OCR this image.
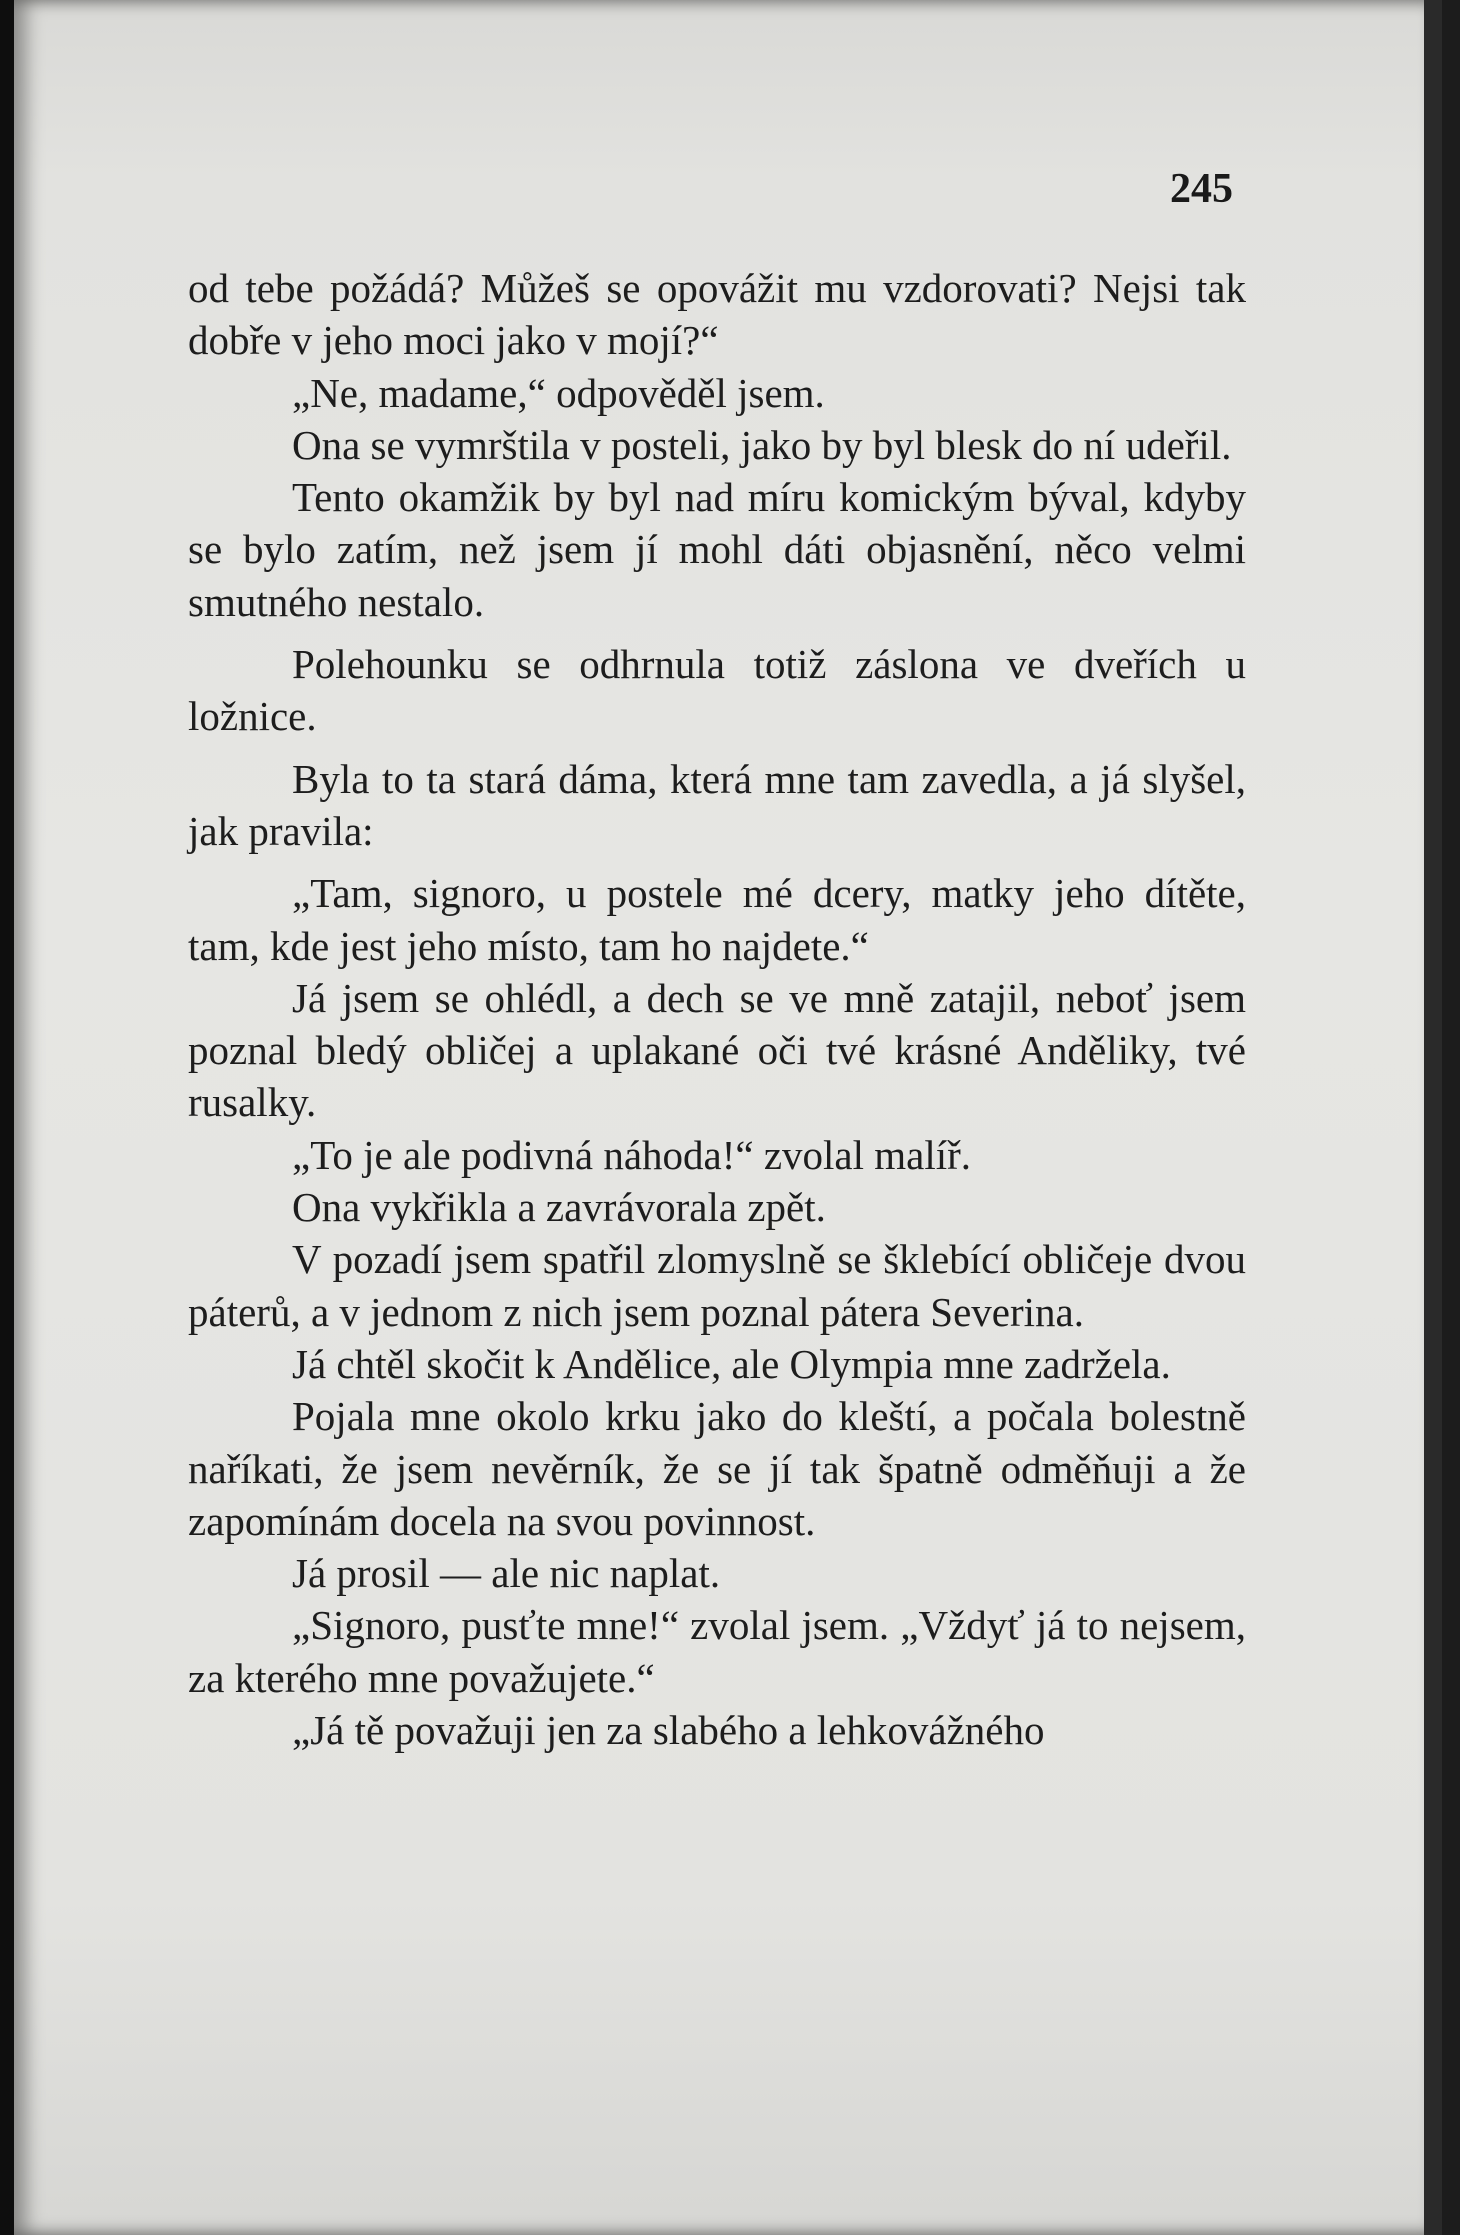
245

od tebe požádá? Můžeš se opovážit mu vzdorovati? Nejsi tak dobře v jeho moci jako v mojí?“

„Ne, madame,“ odpověděl jsem.

Ona se vymrštila v posteli, jako by byl blesk do ní udeřil.

Tento okamžik by byl nad míru komickým býval, kdyby se bylo zatím, než jsem jí mohl dáti objasnění, něco velmi smutného nestalo.

Polehounku se odhrnula totiž záslona ve dveřích u ložnice.

Byla to ta stará dáma, která mne tam zavedla, a já slyšel, jak pravila:

„Tam, signoro, u postele mé dcery, matky jeho dítěte, tam, kde jest jeho místo, tam ho najdete.“

Já jsem se ohlédl, a dech se ve mně zatajil, neboť jsem poznal bledý obličej a uplakané oči tvé krásné Anděliky, tvé rusalky.

„To je ale podivná náhoda!“ zvolal malíř.

Ona vykřikla a zavrávorala zpět.

V pozadí jsem spatřil zlomyslně se šklebící obličeje dvou páterů, a v jednom z nich jsem poznal pátera Severina.

Já chtěl skočit k Andělice, ale Olympia mne zadržela.

Pojala mne okolo krku jako do kleští, a počala bolestně naříkati, že jsem nevěrník, že se jí tak špatně odměňuji a že zapomínám docela na svou povinnost.

Já prosil — ale nic naplat.

„Signoro, pusťte mne!“ zvolal jsem. „Vždyť já to nejsem, za kterého mne považujete.“

„Já tě považuji jen za slabého a lehkovážného
